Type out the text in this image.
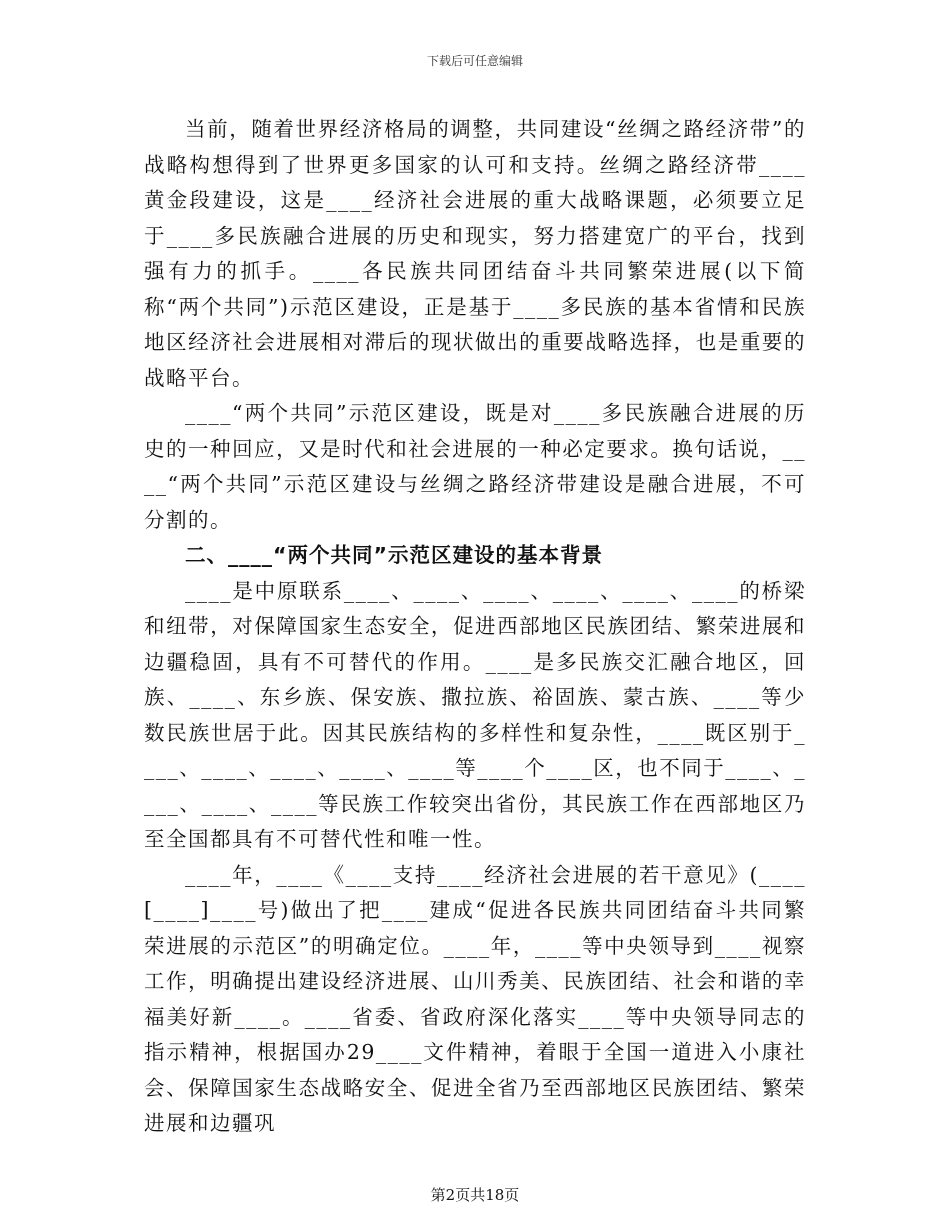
下载后可任意编辑

当前，随着世界经济格局的调整，共同建设“丝绸之路经济带”的战略构想得到了世界更多国家的认可和支持。丝绸之路经济带____黄金段建设，这是____经济社会进展的重大战略课题，必须要立足于____多民族融合进展的历史和现实，努力搭建宽广的平台，找到强有力的抓手。____各民族共同团结奋斗共同繁荣进展(以下简称“两个共同”)示范区建设，正是基于____多民族的基本省情和民族地区经济社会进展相对滞后的现状做出的重要战略选择，也是重要的战略平台。

____“两个共同”示范区建设，既是对____多民族融合进展的历史的一种回应，又是时代和社会进展的一种必定要求。换句话说，____“两个共同”示范区建设与丝绸之路经济带建设是融合进展，不可分割的。

二、____“两个共同”示范区建设的基本背景

____是中原联系____、____、____、____、____、____的桥梁和纽带，对保障国家生态安全，促进西部地区民族团结、繁荣进展和边疆稳固，具有不可替代的作用。____是多民族交汇融合地区，回族、____、东乡族、保安族、撒拉族、裕固族、蒙古族、____等少数民族世居于此。因其民族结构的多样性和复杂性，____既区别于____、____、____、____、____等____个____区，也不同于____、____、____、____等民族工作较突出省份，其民族工作在西部地区乃至全国都具有不可替代性和唯一性。

____年，____《____支持____经济社会进展的若干意见》(____[____]____号)做出了把____建成“促进各民族共同团结奋斗共同繁荣进展的示范区”的明确定位。____年，____等中央领导到____视察工作，明确提出建设经济进展、山川秀美、民族团结、社会和谐的幸福美好新____。____省委、省政府深化落实____等中央领导同志的指示精神，根据国办29____文件精神，着眼于全国一道进入小康社会、保障国家生态战略安全、促进全省乃至西部地区民族团结、繁荣进展和边疆巩

第2页共18页
